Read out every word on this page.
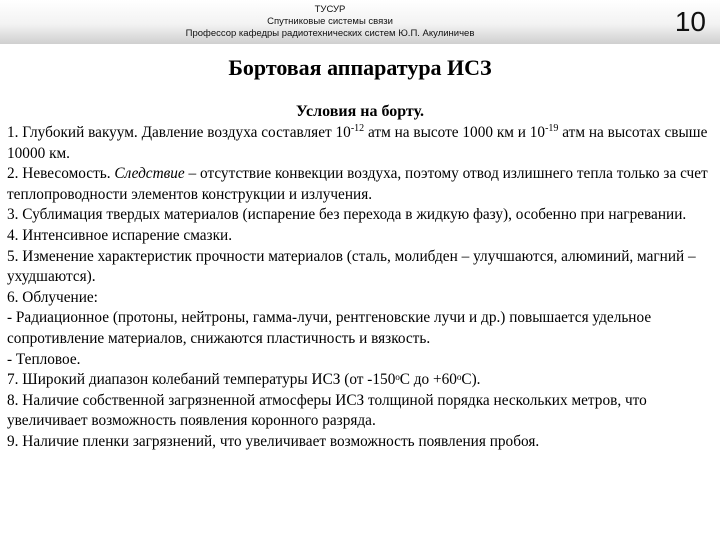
ТУСУР
Спутниковые системы связи
Профессор кафедры радиотехнических систем Ю.П. Акулиничев	10
Бортовая аппаратура ИСЗ
Условия на борту.

1. Глубокий вакуум. Давление воздуха составляет $10^{-12}$ атм на высоте 1000 км и $10^{-19}$ атм на высотах свыше 10000 км.

2. Невесомость. Следствие – отсутствие конвекции воздуха, поэтому отвод излишнего тепла только за счет теплопроводности элементов конструкции и излучения.

3. Сублимация твердых материалов (испарение без перехода в жидкую фазу), особенно при нагревании.

4. Интенсивное испарение смазки.

5. Изменение характеристик прочности материалов (сталь, молибден – улучшаются, алюминий, магний – ухудшаются).

6. Облучение:

- Радиационное (протоны, нейтроны, гамма-лучи, рентгеновские лучи и др.) повышается удельное сопротивление материалов, снижаются пластичность и вязкость.

- Тепловое.

7. Широкий диапазон колебаний температуры ИСЗ (от -150ᵒС до +60ᵒС).

8. Наличие собственной загрязненной атмосферы ИСЗ толщиной порядка нескольких метров, что увеличивает возможность появления коронного разряда.

9. Наличие пленки загрязнений, что увеличивает возможность появления пробоя.
